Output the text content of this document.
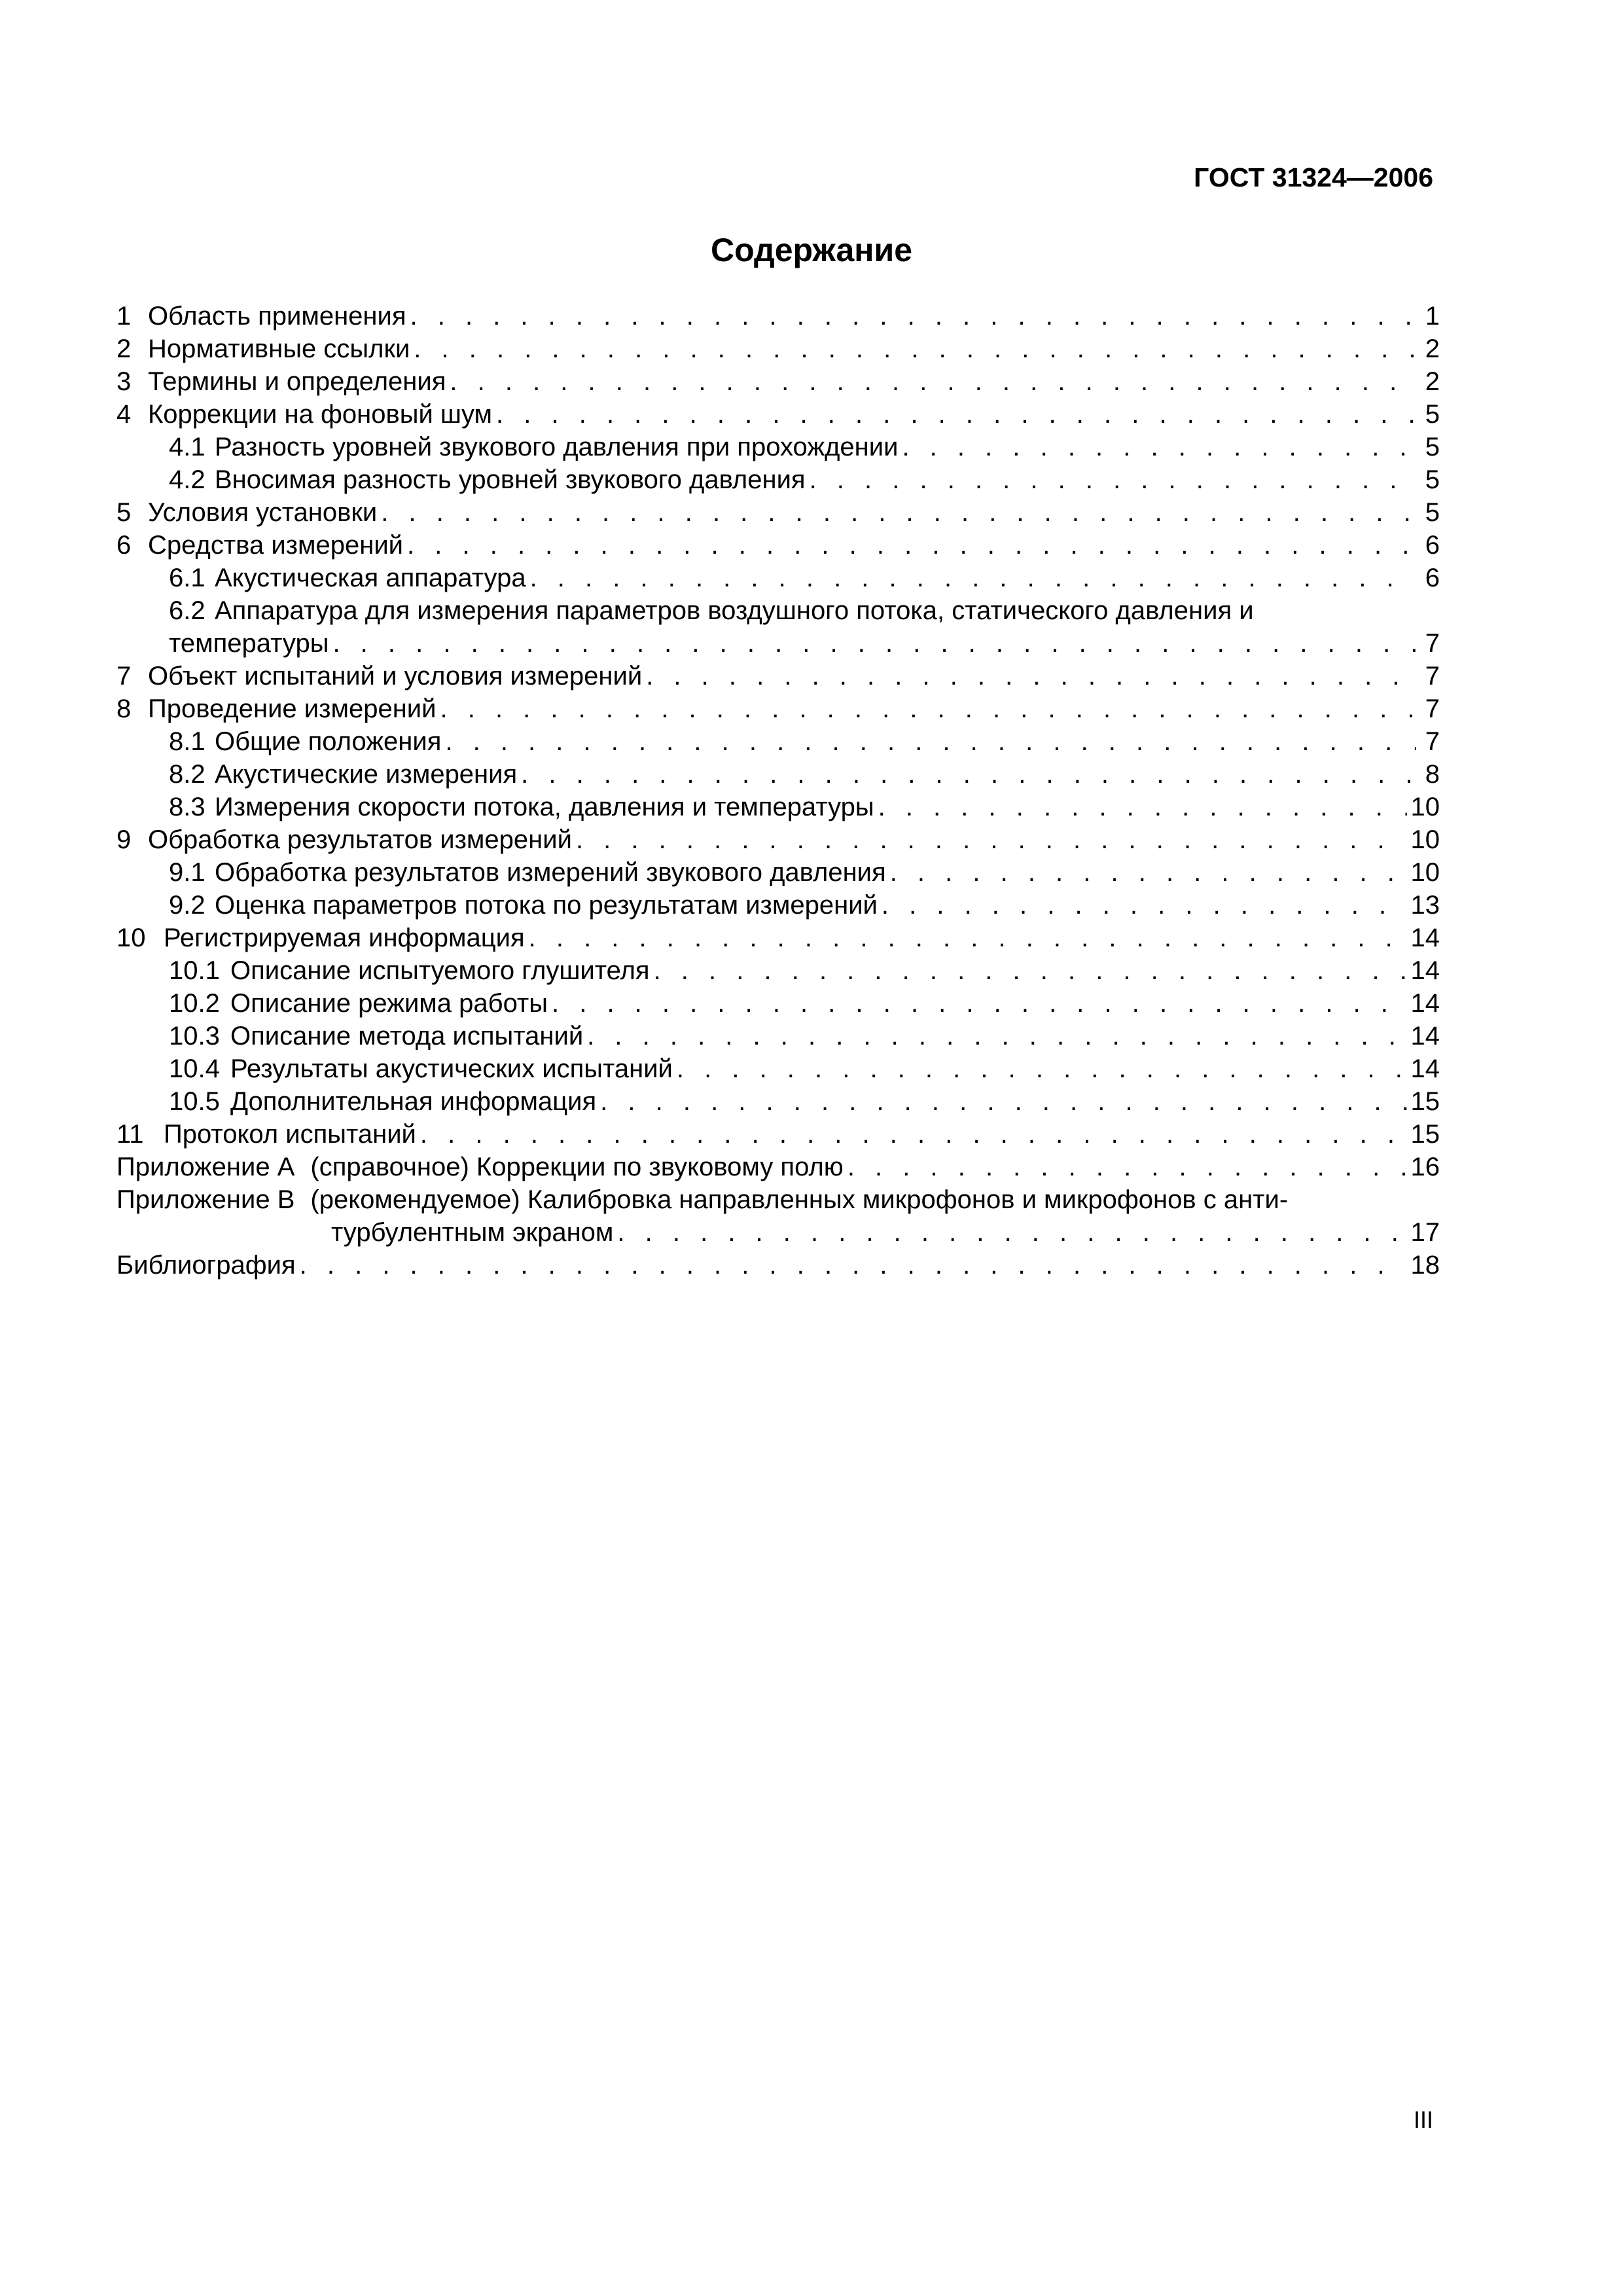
ГОСТ 31324—2006
Содержание
1 Область применения . . .	1
2 Нормативные ссылки . . .	2
3 Термины и определения . . .	2
4 Коррекции на фоновый шум . . .	5
4.1 Разность уровней звукового давления при прохождении . . .	5
4.2 Вносимая разность уровней звукового давления . . .	5
5 Условия установки . . .	5
6 Средства измерений . . .	6
6.1 Акустическая аппаратура . . .	6
6.2 Аппаратура для измерения параметров воздушного потока, статического давления и
температуры . . .	7
7 Объект испытаний и условия измерений . . .	7
8 Проведение измерений . . .	7
8.1 Общие положения . . .	7
8.2 Акустические измерения . . .	8
8.3 Измерения скорости потока, давления и температуры . . .	10
9 Обработка результатов измерений . . .	10
9.1 Обработка результатов измерений звукового давления . . .	10
9.2 Оценка параметров потока по результатам измерений . . .	13
10 Регистрируемая информация . . .	14
10.1 Описание испытуемого глушителя . . .	14
10.2 Описание режима работы . . .	14
10.3 Описание метода испытаний . . .	14
10.4 Результаты акустических испытаний . . .	14
10.5 Дополнительная информация . . .	15
11 Протокол испытаний . . .	15
Приложение А (справочное) Коррекции по звуковому полю . . .	16
Приложение В (рекомендуемое) Калибровка направленных микрофонов и микрофонов с анти-
турбулентным экраном . . .	17
Библиография . . .	18
III
